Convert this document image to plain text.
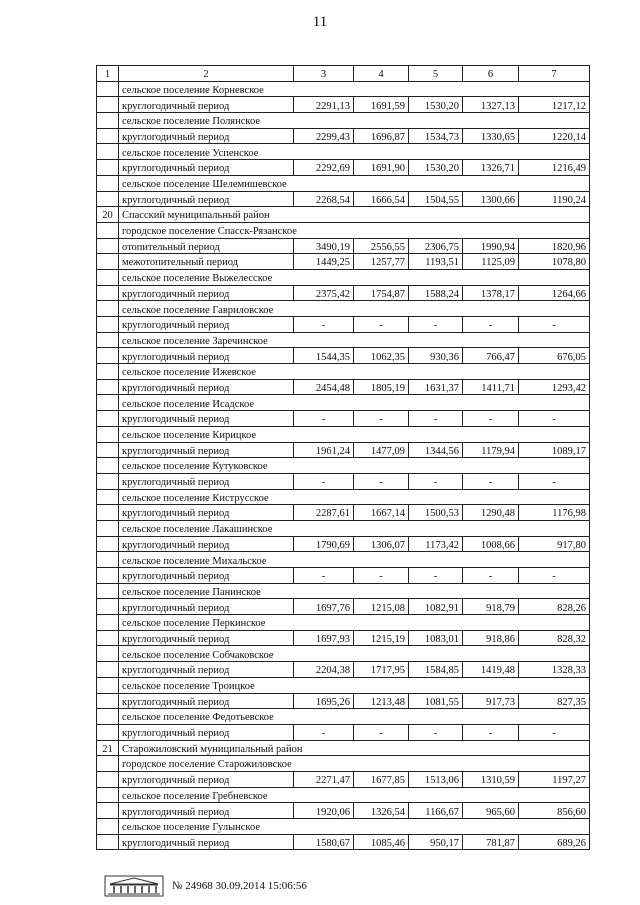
11
1	2	3	4	5	6	7
	сельское поселение Корневское					
	круглогодичный период	2291,13	1691,59	1530,20	1327,13	1217,12
	сельское поселение Полянское					
	круглогодичный период	2299,43	1696,87	1534,73	1330,65	1220,14
	сельское поселение Успенское					
	круглогодичный период	2292,69	1691,90	1530,20	1326,71	1216,49
	сельское поселение Шелемишевское					
	круглогодичный период	2268,54	1666,54	1504,55	1300,66	1190,24
20	Спасский муниципальный район					
	городское поселение Спасск-Рязанское					
	отопительный период	3490,19	2556,55	2306,75	1990,94	1820,96
	межотопительный период	1449,25	1257,77	1193,51	1125,09	1078,80
	сельское поселение Выжелесское					
	круглогодичный период	2375,42	1754,87	1588,24	1378,17	1264,66
	сельское поселение Гавриловское					
	круглогодичный период	-	-	-	-	-
	сельское поселение Заречинское					
	круглогодичный период	1544,35	1062,35	930,36	766,47	676,05
	сельское поселение Ижевское					
	круглогодичный период	2454,48	1805,19	1631,37	1411,71	1293,42
	сельское поселение Исадское					
	круглогодичный период	-	-	-	-	-
	сельское поселение Кирицкое					
	круглогодичный период	1961,24	1477,09	1344,56	1179,94	1089,17
	сельское поселение Кутуковское					
	круглогодичный период	-	-	-	-	-
	сельское поселение Киструсское					
	круглогодичный период	2287,61	1667,14	1500,53	1290,48	1176,98
	сельское поселение Лакашинское					
	круглогодичный период	1790,69	1306,07	1173,42	1008,66	917,80
	сельское поселение Михальское					
	круглогодичный период	-	-	-	-	-
	сельское поселение Панинское					
	круглогодичный период	1697,76	1215,08	1082,91	918,79	828,26
	сельское поселение Перкинское					
	круглогодичный период	1697,93	1215,19	1083,01	918,86	828,32
	сельское поселение Собчаковское					
	круглогодичный период	2204,38	1717,95	1584,85	1419,48	1328,33
	сельское поселение Троицкое					
	круглогодичный период	1695,26	1213,48	1081,55	917,73	827,35
	сельское поселение Федотьевское					
	круглогодичный период	-	-	-	-	-
21	Старожиловский муниципальный район					
	городское поселение Старожиловское					
	круглогодичный период	2271,47	1677,85	1513,06	1310,59	1197,27
	сельское поселение Гребневское					
	круглогодичный период	1920,06	1326,54	1166,67	965,60	856,60
	сельское поселение Гулынское					
	круглогодичный период	1580,67	1085,46	950,17	781,87	689,26
№ 24968 30.09.2014 15:06:56
